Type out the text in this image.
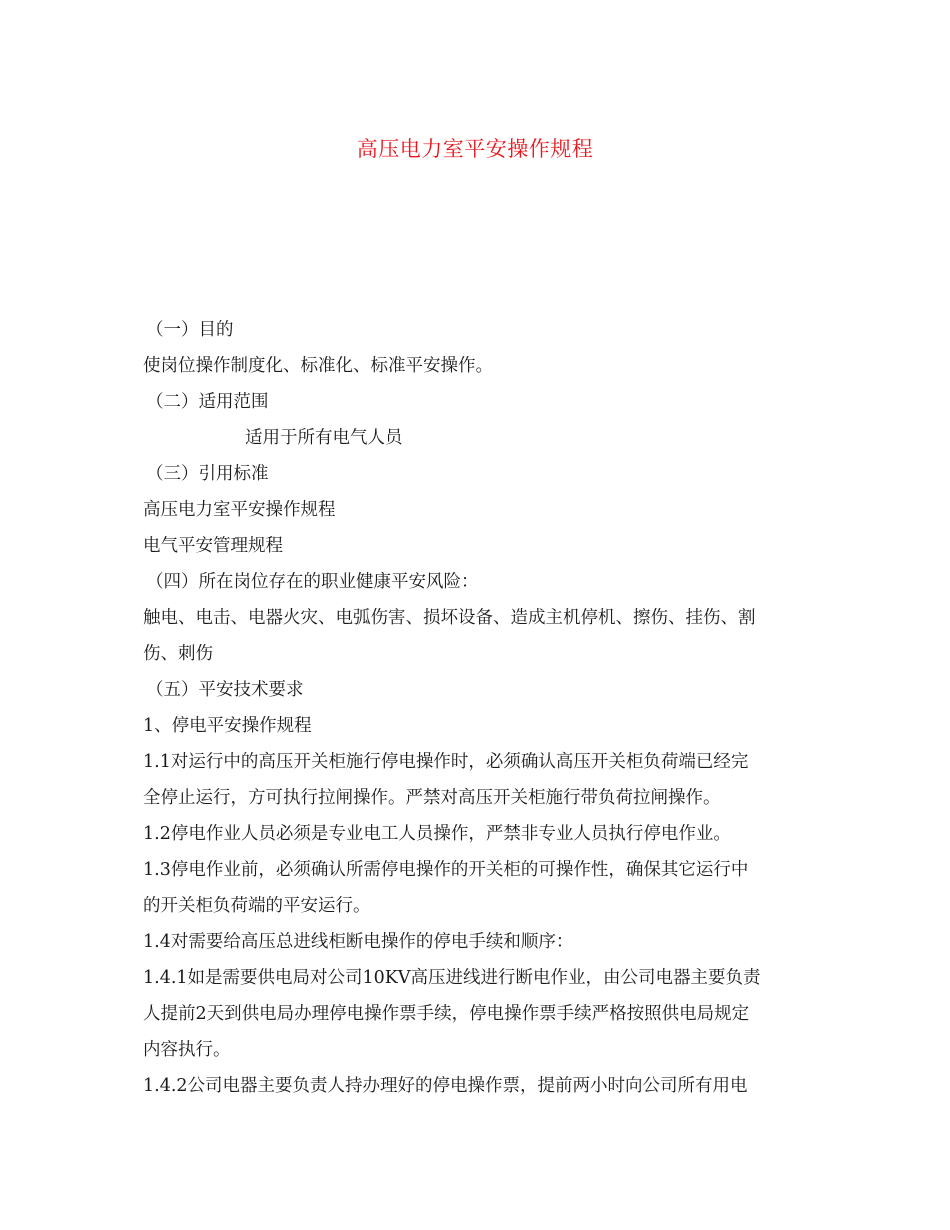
高压电力室平安操作规程
（一）目的
使岗位操作制度化、标准化、标准平安操作。
（二）适用范围
适用于所有电气人员
（三）引用标准
高压电力室平安操作规程
电气平安管理规程
（四）所在岗位存在的职业健康平安风险：
触电、电击、电器火灾、电弧伤害、损坏设备、造成主机停机、擦伤、挂伤、割
伤、刺伤
（五）平安技术要求
1、停电平安操作规程
1.1对运行中的高压开关柜施行停电操作时，必须确认高压开关柜负荷端已经完
全停止运行，方可执行拉闸操作。严禁对高压开关柜施行带负荷拉闸操作。
1.2停电作业人员必须是专业电工人员操作，严禁非专业人员执行停电作业。
1.3停电作业前，必须确认所需停电操作的开关柜的可操作性，确保其它运行中
的开关柜负荷端的平安运行。
1.4对需要给高压总进线柜断电操作的停电手续和顺序：
1.4.1如是需要供电局对公司10KV高压进线进行断电作业，由公司电器主要负责
人提前2天到供电局办理停电操作票手续，停电操作票手续严格按照供电局规定
内容执行。
1.4.2公司电器主要负责人持办理好的停电操作票，提前两小时向公司所有用电
